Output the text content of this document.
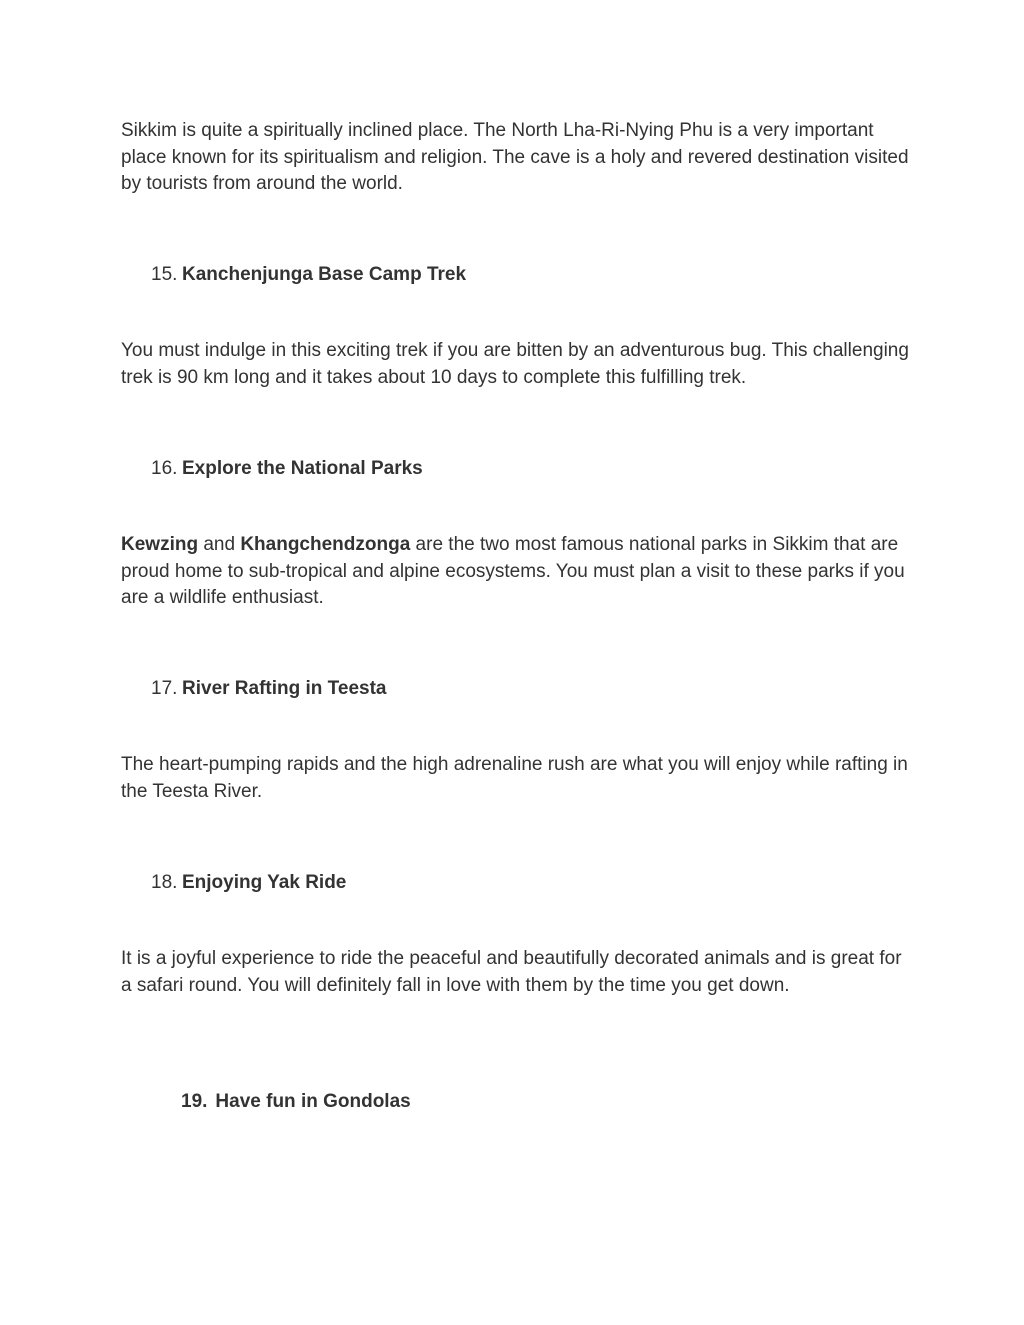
Sikkim is quite a spiritually inclined place. The North Lha-Ri-Nying Phu is a very important place known for its spiritualism and religion. The cave is a holy and revered destination visited by tourists from around the world.

15. Kanchenjunga Base Camp Trek

You must indulge in this exciting trek if you are bitten by an adventurous bug. This challenging trek is 90 km long and it takes about 10 days to complete this fulfilling trek.

16. Explore the National Parks

Kewzing and Khangchendzonga are the two most famous national parks in Sikkim that are proud home to sub-tropical and alpine ecosystems. You must plan a visit to these parks if you are a wildlife enthusiast.

17. River Rafting in Teesta

The heart-pumping rapids and the high adrenaline rush are what you will enjoy while rafting in the Teesta River.

18. Enjoying Yak Ride

It is a joyful experience to ride the peaceful and beautifully decorated animals and is great for a safari round. You will definitely fall in love with them by the time you get down.

19. Have fun in Gondolas
